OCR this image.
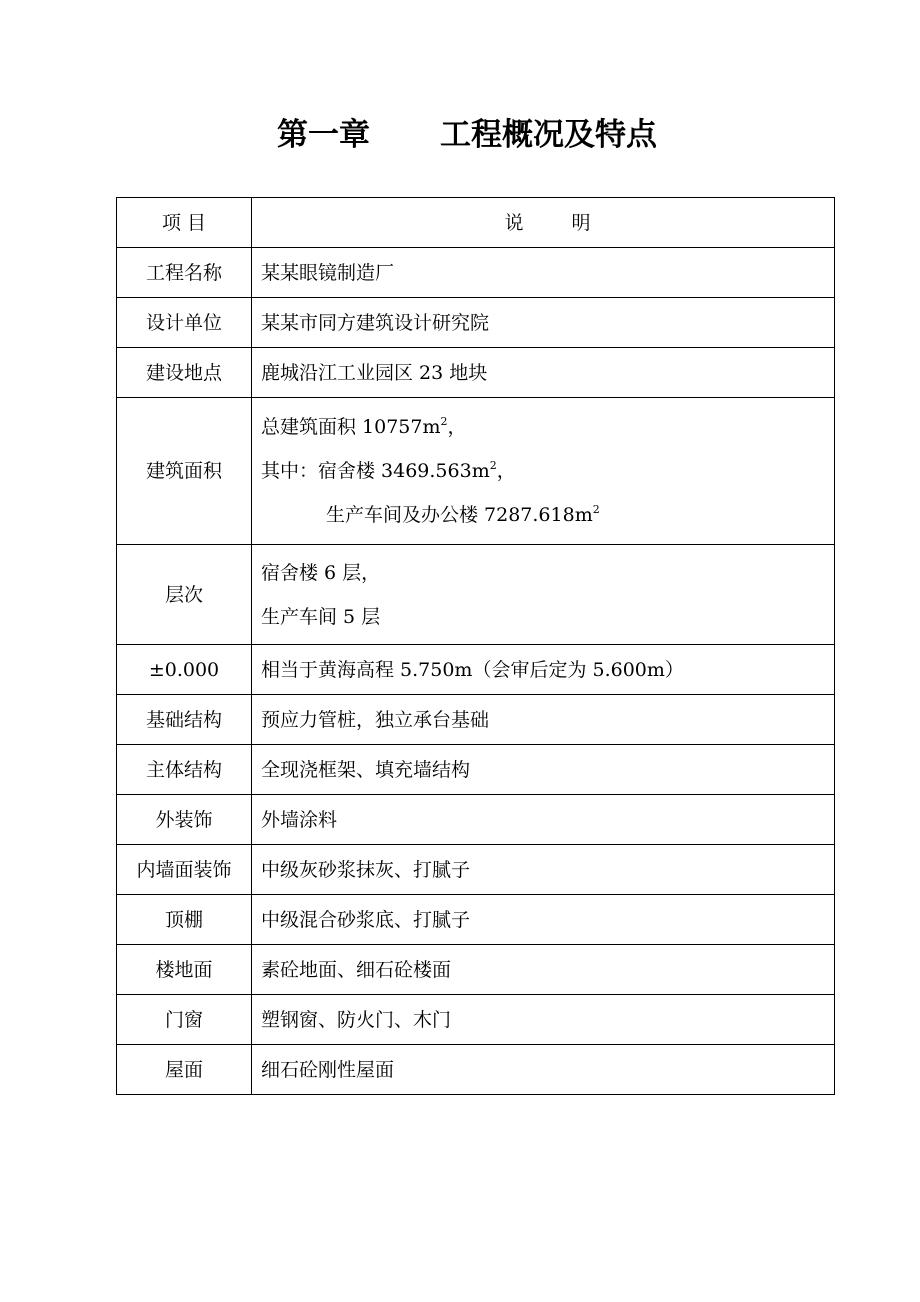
第一章 工程概况及特点
项 目	说 明
工程名称	某某眼镜制造厂
设计单位	某某市同方建筑设计研究院
建设地点	鹿城沿江工业园区 23 地块
建筑面积	总建筑面积 $10757m^2$，
其中：宿舍楼 $3469.563m^2$，
生产车间及办公楼 $7287.618m^2$

层次	宿舍楼 6 层，
生产车间 5 层

±0.000	相当于黄海高程 5.750m（会审后定为 5.600m）
基础结构	预应力管桩，独立承台基础
主体结构	全现浇框架、填充墙结构
外装饰	外墙涂料
内墙面装饰	中级灰砂浆抹灰、打腻子
顶棚	中级混合砂浆底、打腻子
楼地面	素砼地面、细石砼楼面
门窗	塑钢窗、防火门、木门
屋面	细石砼刚性屋面
